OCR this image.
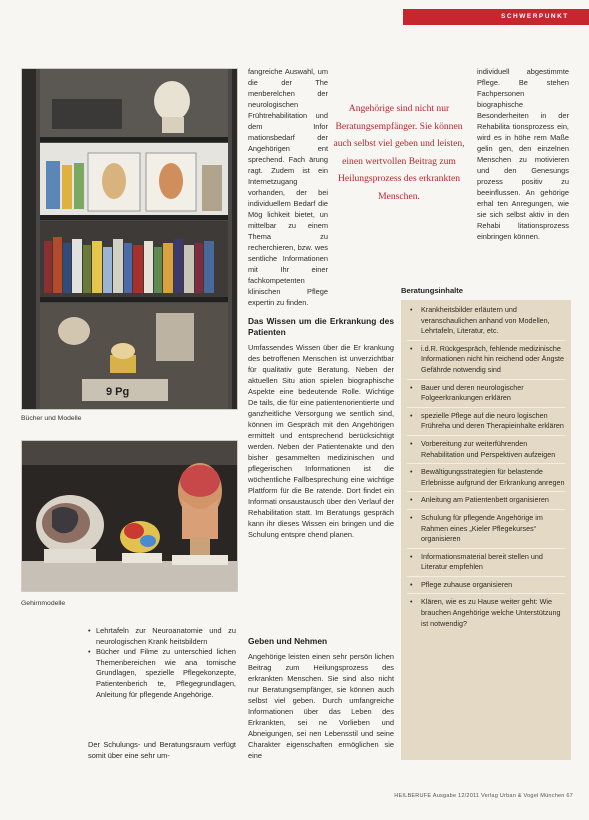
SCHWERPUNKT
9 Pg
Bücher und Modelle
Gehirnmodelle

fangreiche Auswahl, um die der The menberelchen der neurologischen Frühtrehabilitation und dem Infor mationsbedarf der Angehörigen ent sprechend. Fach ärung ragt. Zudem ist ein Internetzugang vorhanden, der bei individuellem Bedarf die Mög lichkeit bietet, un mittelbar zu einem Thema zu recherchieren, bzw. wes sentliche Informationen mit Ihr einer fachkompetenten klinischen Pflege expertin zu finden.

individuell abgestimmte Pflege. Be stehen Fachpersonen biographische Besonderheiten in der Rehabilita tionsprozess ein, wird es in höhe rem Maße gelin gen, den einzelnen Menschen zu motivieren und den Genesungs prozess positiv zu beeinflussen. An gehörige erhal ten Anregungen, wie sie sich selbst aktiv in den Rehabi litationsprozess einbringen können.

Angehörige sind nicht nur Beratungsempfänger. Sie können auch selbst viel geben und leisten, einen wertvollen Beitrag zum Heilungsprozess des erkrankten Menschen.
Das Wissen um die Erkrankung des Patienten

Umfassendes Wissen über die Er krankung des betroffenen Menschen ist unverzichtbar für qualitativ gute Beratung. Neben der aktuellen Situ ation spielen biographische Aspekte eine bedeutende Rolle. Wichtige De tails, die für eine patientenorientierte und ganzheitliche Versorgung we sentlich sind, können im Gespräch mit den Angehörigen ermittelt und entsprechend berücksichtigt werden. Neben der Patientenakte und den bisher gesammelten medizinischen und pflegerischen Informationen ist die wöchentliche Fallbesprechung eine wichtige Plattform für die Be ratende. Dort findet ein Informati onsaustausch über den Verlauf der Rehabilitation statt. Im Beratungs gespräch kann ihr dieses Wissen ein bringen und die Schulung entspre chend planen.

Geben und Nehmen

Angehörige leisten einen sehr persön lichen Beitrag zum Heilungsprozess des erkrankten Menschen. Sie sind also nicht nur Beratungsempfänger, sie können auch selbst viel geben. Durch umfangreiche Informationen über das Leben des Erkrankten, sei ne Vorlieben und Abneigungen, sei nen Lebensstil und seine Charakter eigenschaften ermöglichen sie eine

• Lehrtafeln zur Neuroanatomie und zu neurologischen Krank heitsbildern
• Bücher und Filme zu unterschied lichen Themenbereichen wie ana tomische Grundlagen, spezielle Pflegekonzepte, Patientenberich te, Pflegegrundlagen, Anleitung für pflegende Angehörige.
Der Schulungs- und Beratungsraum verfügt somit über eine sehr um-
Beratungsinhalte
• Krankheitsbilder erläutern und veranschaulichen anhand von Modellen, Lehrtafeln, Literatur, etc.
• i.d.R. Rückgespräch, fehlende medizinische Informationen nicht hin reichend oder Ängste Gefährde notwendig sind
• Bauer und deren neurologischer Folgeerkrankungen erklären
• spezielle Pflege auf die neuro logischen Frühreha und deren Therapieinhalte erklären
• Vorbereitung zur weiterführenden Rehabilitation und Perspektiven aufzeigen
• Bewältigungsstrategien für belastende Erlebnisse aufgrund der Erkrankung anregen
• Anleitung am Patientenbett organisieren
• Schulung für pflegende Angehörige im Rahmen eines „Kieler Pflegekurses“ organisieren
• Informationsmaterial bereit stellen und Literatur empfehlen
• Pflege zuhause organisieren
• Klären, wie es zu Hause weiter geht: Wie brauchen Angehörige welche Unterstützung ist notwendig?
HEILBERUFE Ausgabe 12/2011 Verlag Urban & Vogel München 67
